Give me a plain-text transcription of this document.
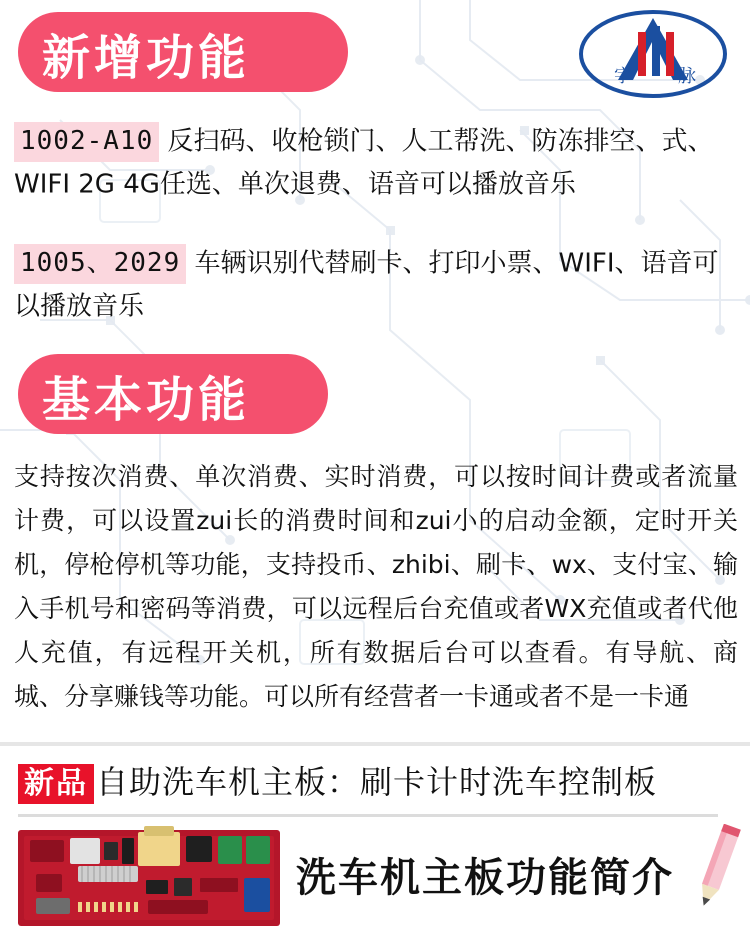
宇	脉
新增功能
1002-A10 反扫码、收枪锁门、人工帮洗、防冻排空、式、WIFI 2G 4G任选、单次退费、语音可以播放音乐
1005、2029 车辆识别代替刷卡、打印小票、WIFI、语音可以播放音乐
基本功能
支持按次消费、单次消费、实时消费，可以按时间计费或者流量计费，可以设置zui长的消费时间和zui小的启动金额，定时开关机，停枪停机等功能，支持投币、zhibi、刷卡、wx、支付宝、输入手机号和密码等消费，可以远程后台充值或者WX充值或者代他人充值，有远程开关机，所有数据后台可以查看。有导航、商城、分享赚钱等功能。可以所有经营者一卡通或者不是一卡通
新品 自助洗车机主板：刷卡计时洗车控制板
洗车机主板功能简介
